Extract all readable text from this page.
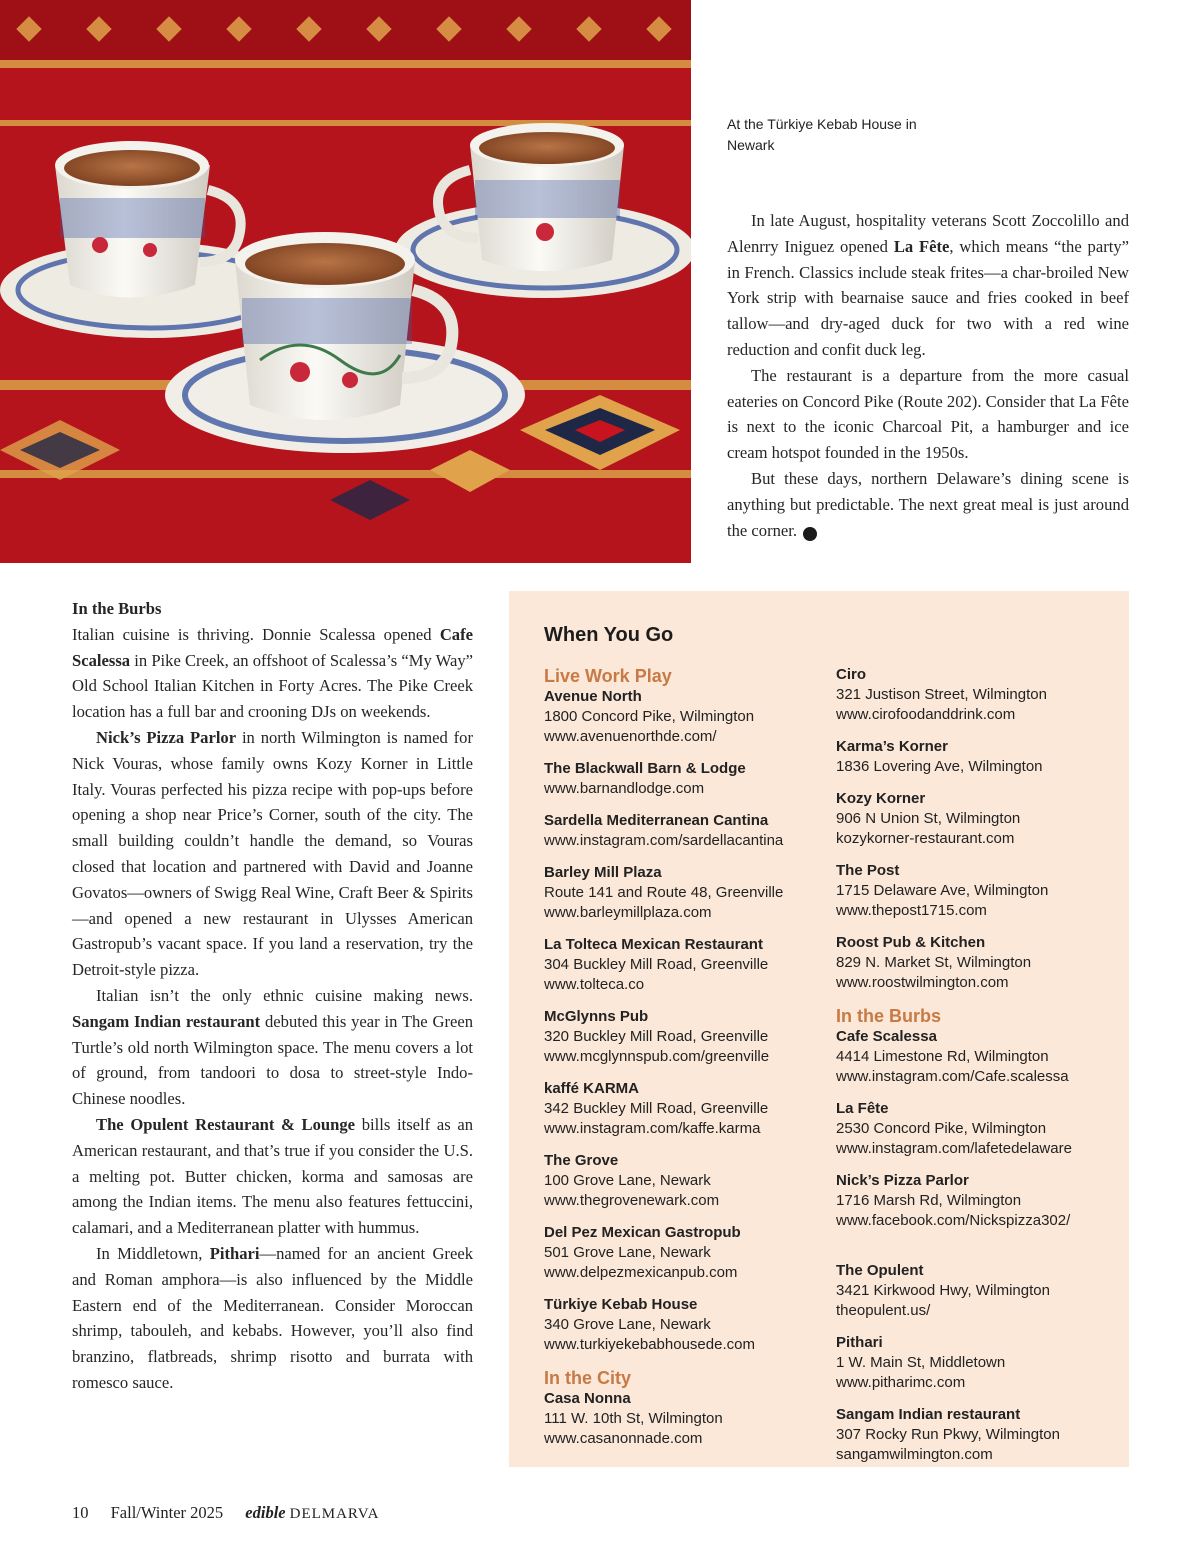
At the Türkiye Kebab House in Newark

In late August, hospitality veterans Scott Zoccolillo and Alenrry Iniguez opened La Fête, which means “the party” in French. Classics include steak frites—a char-broiled New York strip with bearnaise sauce and fries cooked in beef tallow—and dry-aged duck for two with a red wine reduction and confit duck leg.

The restaurant is a departure from the more casual eateries on Concord Pike (Route 202). Consider that La Fête is next to the iconic Charcoal Pit, a hamburger and ice cream hotspot founded in the 1950s.

But these days, northern Delaware’s dining scene is anything but predictable. The next great meal is just around the corner.	e

In the Burbs

Italian cuisine is thriving. Donnie Scalessa opened Cafe Scalessa in Pike Creek, an offshoot of Scalessa’s “My Way” Old School Italian Kitchen in Forty Acres. The Pike Creek location has a full bar and crooning DJs on weekends.

Nick’s Pizza Parlor in north Wilmington is named for Nick Vouras, whose family owns Kozy Korner in Little Italy. Vouras perfected his pizza recipe with pop-ups before opening a shop near Price’s Corner, south of the city. The small building couldn’t handle the demand, so Vouras closed that location and partnered with David and Joanne Govatos—owners of Swigg Real Wine, Craft Beer & Spirits—and opened a new restaurant in Ulysses American Gastropub’s vacant space. If you land a reservation, try the Detroit-style pizza.

Italian isn’t the only ethnic cuisine making news. Sangam Indian restaurant debuted this year in The Green Turtle’s old north Wilmington space. The menu covers a lot of ground, from tandoori to dosa to street-style Indo-Chinese noodles.

The Opulent Restaurant & Lounge bills itself as an American restaurant, and that’s true if you consider the U.S. a melting pot. Butter chicken, korma and samosas are among the Indian items. The menu also features fettuccini, calamari, and a Mediterranean platter with hummus.

In Middletown, Pithari—named for an ancient Greek and Roman amphora—is also influenced by the Middle Eastern end of the Mediterranean. Consider Moroccan shrimp, tabouleh, and kebabs. However, you’ll also find branzino, flatbreads, shrimp risotto and burrata with romesco sauce.

When You Go

Live Work Play

Avenue North
1800 Concord Pike, Wilmington
www.avenuenorthde.com/
The Blackwall Barn & Lodge
www.barnandlodge.com
Sardella Mediterranean Cantina
www.instagram.com/sardellacantina
Barley Mill Plaza
Route 141 and Route 48, Greenville
www.barleymillplaza.com
La Tolteca Mexican Restaurant
304 Buckley Mill Road, Greenville
www.tolteca.co
McGlynns Pub
320 Buckley Mill Road, Greenville
www.mcglynnspub.com/greenville
kaffé KARMA
342 Buckley Mill Road, Greenville
www.instagram.com/kaffe.karma
The Grove
100 Grove Lane, Newark
www.thegrovenewark.com
Del Pez Mexican Gastropub
501 Grove Lane, Newark
www.delpezmexicanpub.com
Türkiye Kebab House
340 Grove Lane, Newark
www.turkiyekebabhousede.com

In the City

Casa Nonna
111 W. 10th St, Wilmington
www.casanonnade.com
Ciro
321 Justison Street, Wilmington
www.cirofoodanddrink.com
Karma’s Korner
1836 Lovering Ave, Wilmington
Kozy Korner
906 N Union St, Wilmington
kozykorner-restaurant.com
The Post
1715 Delaware Ave, Wilmington
www.thepost1715.com
Roost Pub & Kitchen
829 N. Market St, Wilmington
www.roostwilmington.com

In the Burbs

Cafe Scalessa
4414 Limestone Rd, Wilmington
www.instagram.com/Cafe.scalessa
La Fête
2530 Concord Pike, Wilmington
www.instagram.com/lafetedelaware
Nick’s Pizza Parlor
1716 Marsh Rd, Wilmington
www.facebook.com/Nickspizza302/
The Opulent
3421 Kirkwood Hwy, Wilmington
theopulent.us/
Pithari
1 W. Main St, Middletown
www.pitharimc.com
Sangam Indian restaurant
307 Rocky Run Pkwy, Wilmington
sangamwilmington.com
10 Fall/Winter 2025 edible DELMARVA
